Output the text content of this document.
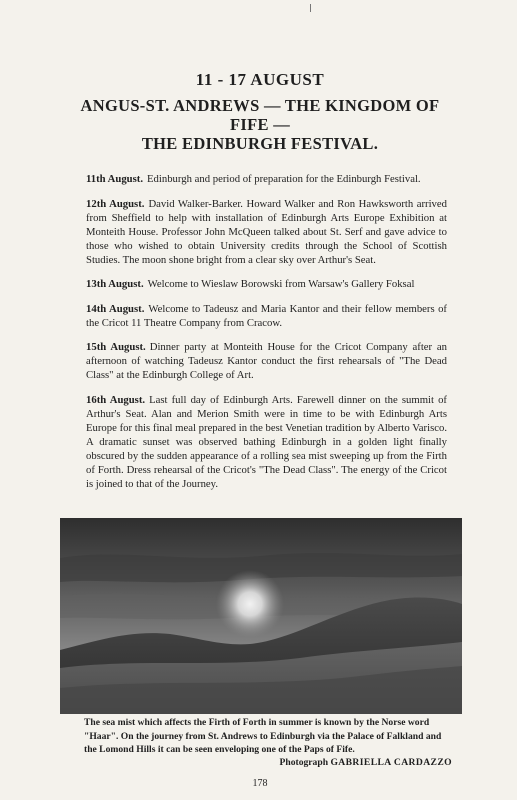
11 - 17 AUGUST
ANGUS-ST. ANDREWS — THE KINGDOM OF
FIFE —
THE EDINBURGH FESTIVAL.

11th August. Edinburgh and period of preparation for the Edinburgh Festival.

12th August. David Walker-Barker. Howard Walker and Ron Hawksworth arrived from Sheffield to help with installation of Edinburgh Arts Europe Exhibition at Monteith House. Professor John McQueen talked about St. Serf and gave advice to those who wished to obtain University credits through the School of Scottish Studies. The moon shone bright from a clear sky over Arthur's Seat.

13th August. Welcome to Wieslaw Borowski from Warsaw's Gallery Foksal

14th August. Welcome to Tadeusz and Maria Kantor and their fellow members of the Cricot 11 Theatre Company from Cracow.

15th August. Dinner party at Monteith House for the Cricot Company after an afternoon of watching Tadeusz Kantor conduct the first rehearsals of "The Dead Class" at the Edinburgh College of Art.

16th August. Last full day of Edinburgh Arts. Farewell dinner on the summit of Arthur's Seat. Alan and Merion Smith were in time to be with Edinburgh Arts Europe for this final meal prepared in the best Venetian tradition by Alberto Varisco. A dramatic sunset was observed bathing Edinburgh in a golden light finally obscured by the sudden appearance of a rolling sea mist sweeping up from the Firth of Forth. Dress rehearsal of the Cricot's "The Dead Class". The energy of the Cricot is joined to that of the Journey.

The sea mist which affects the Firth of Forth in summer is known by the Norse word "Haar". On the journey from St. Andrews to Edinburgh via the Palace of Falkland and the Lomond Hills it can be seen enveloping one of the Paps of Fife.
Photograph GABRIELLA CARDAZZO
178
